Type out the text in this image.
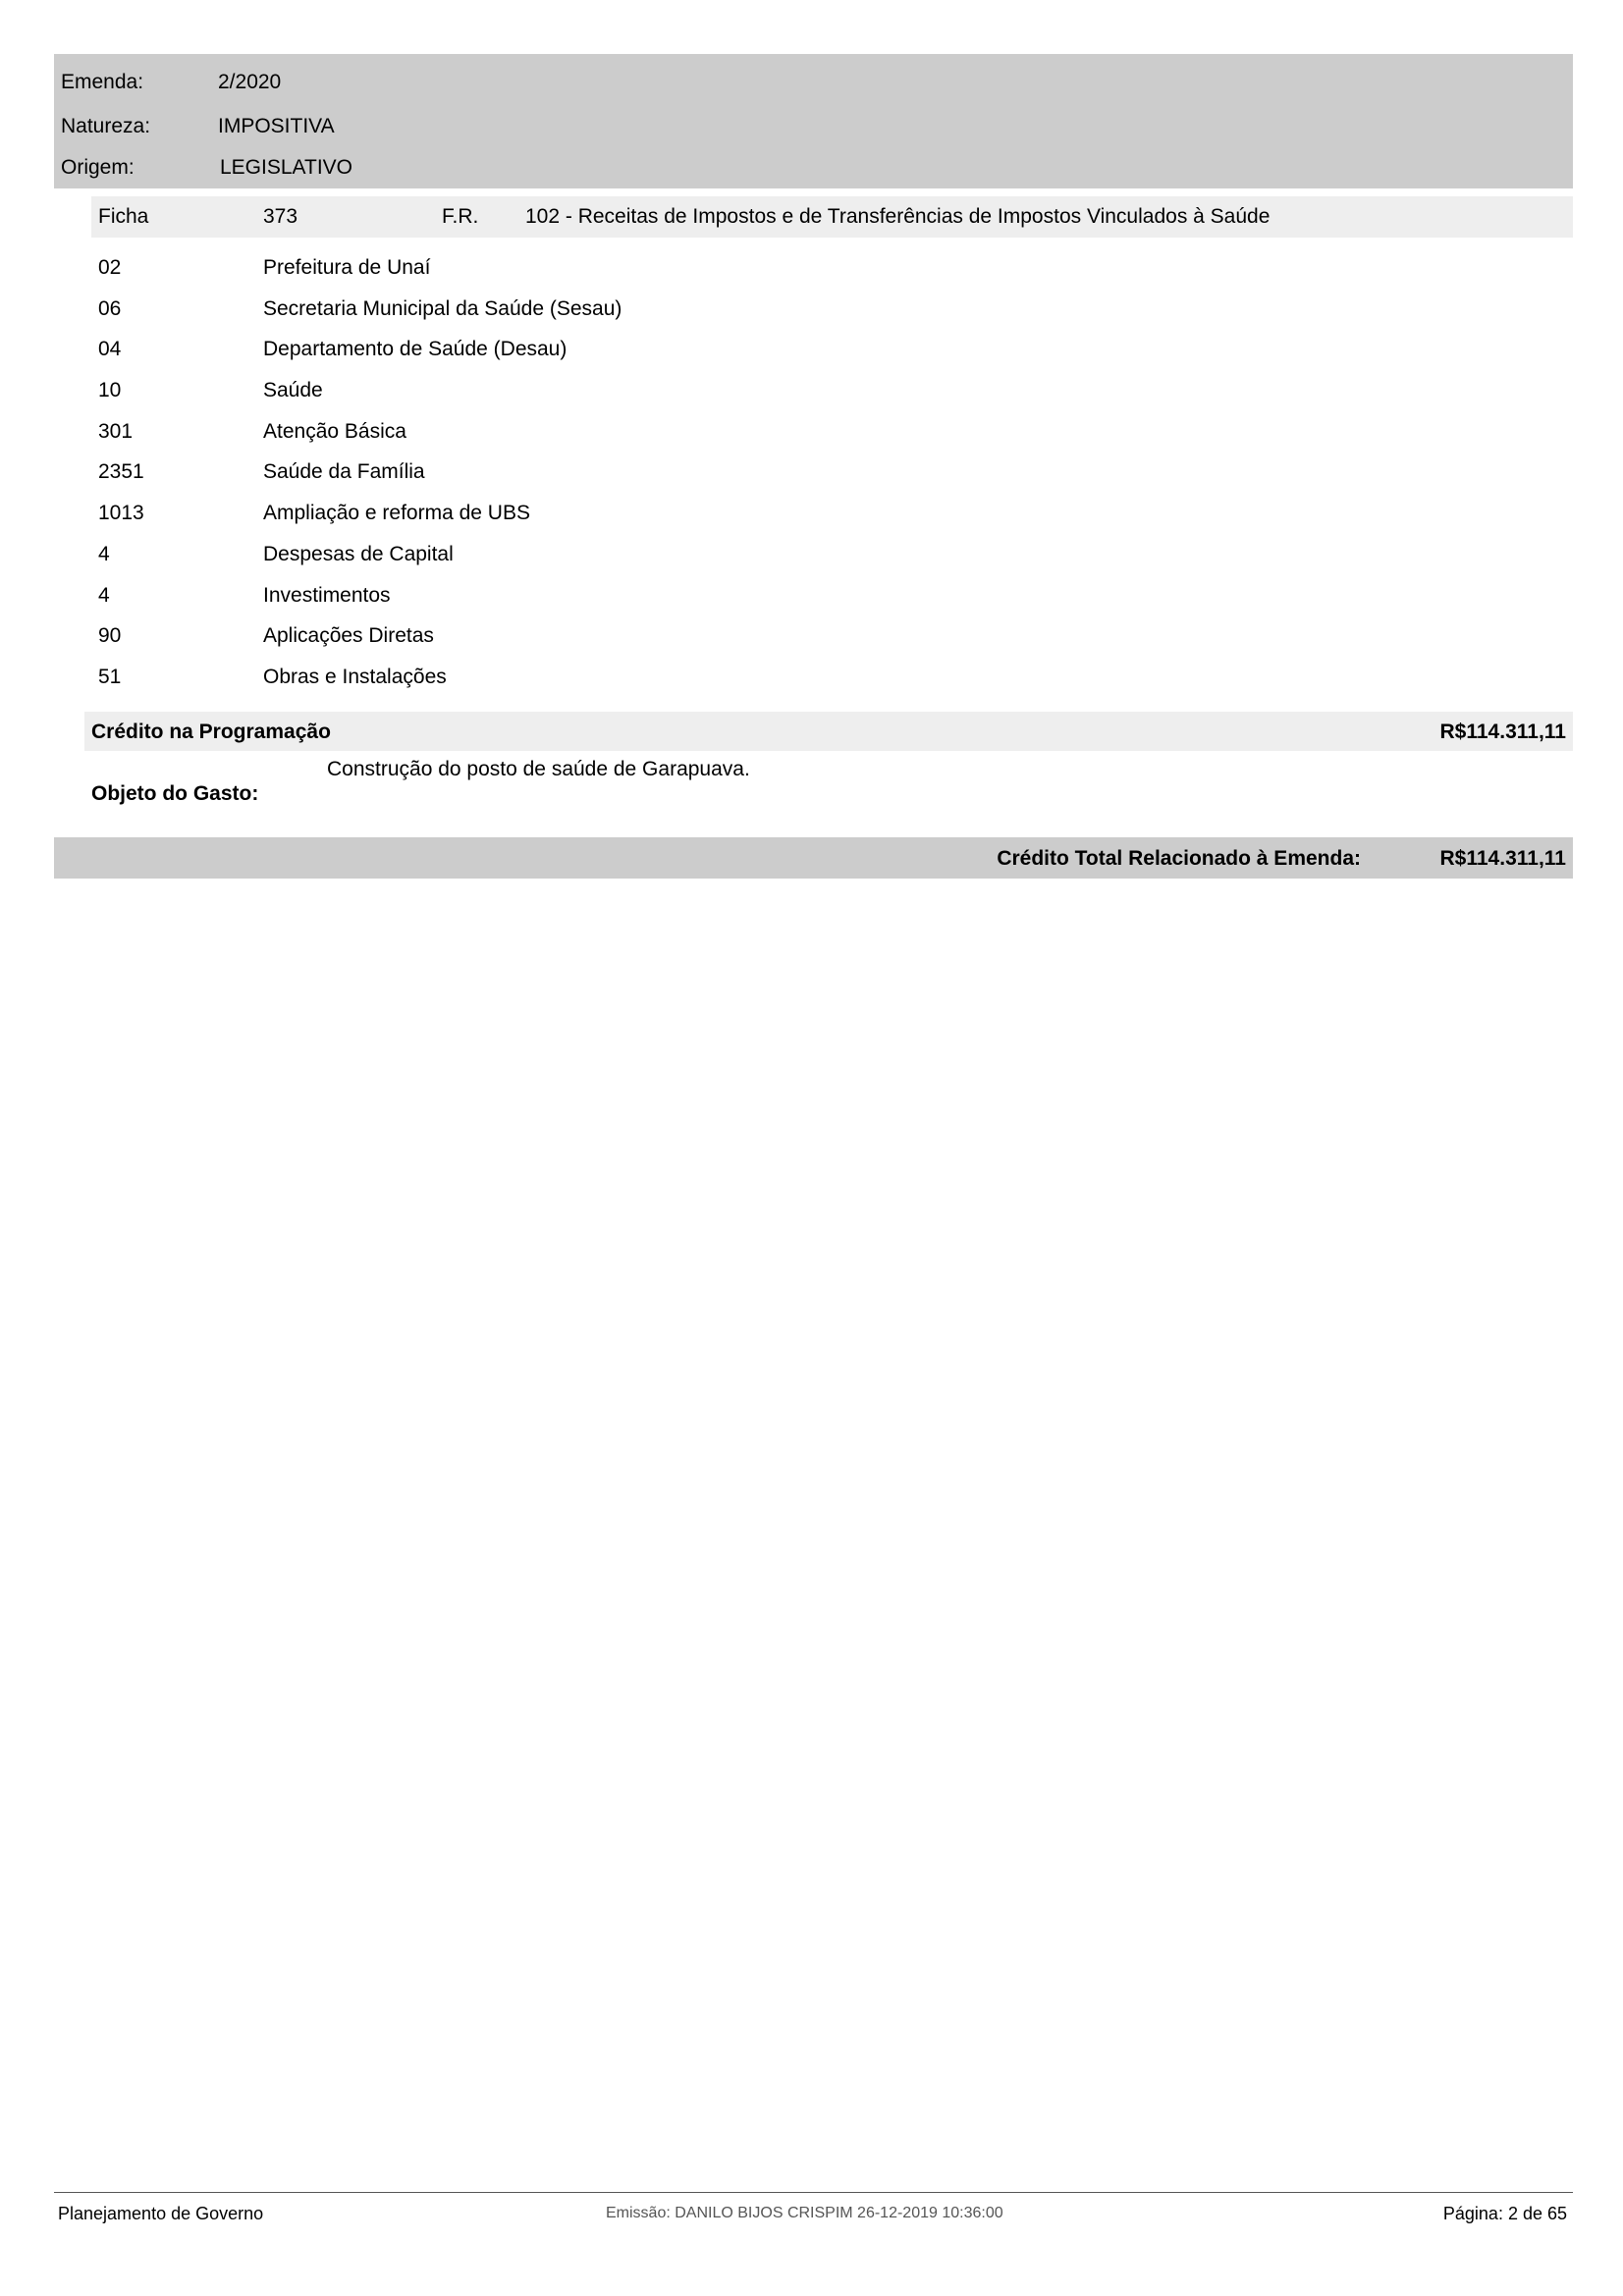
Emenda:	2/2020
Natureza:	IMPOSITIVA
Origem:	LEGISLATIVO
Ficha	373	F.R. 102 - Receitas de Impostos e de Transferências de Impostos Vinculados à Saúde
02	Prefeitura de Unaí
06	Secretaria Municipal da Saúde (Sesau)
04	Departamento de Saúde (Desau)
10	Saúde
301	Atenção Básica
2351	Saúde da Família
1013	Ampliação e reforma de UBS
4	Despesas de Capital
4	Investimentos
90	Aplicações Diretas
51	Obras e Instalações
Crédito na Programação	R$114.311,11
Objeto do Gasto:
Construção do posto de saúde de Garapuava.
Crédito Total Relacionado à Emenda:	R$114.311,11
Planejamento de Governo	Emissão: DANILO BIJOS CRISPIM 26-12-2019 10:36:00	Página: 2 de 65
